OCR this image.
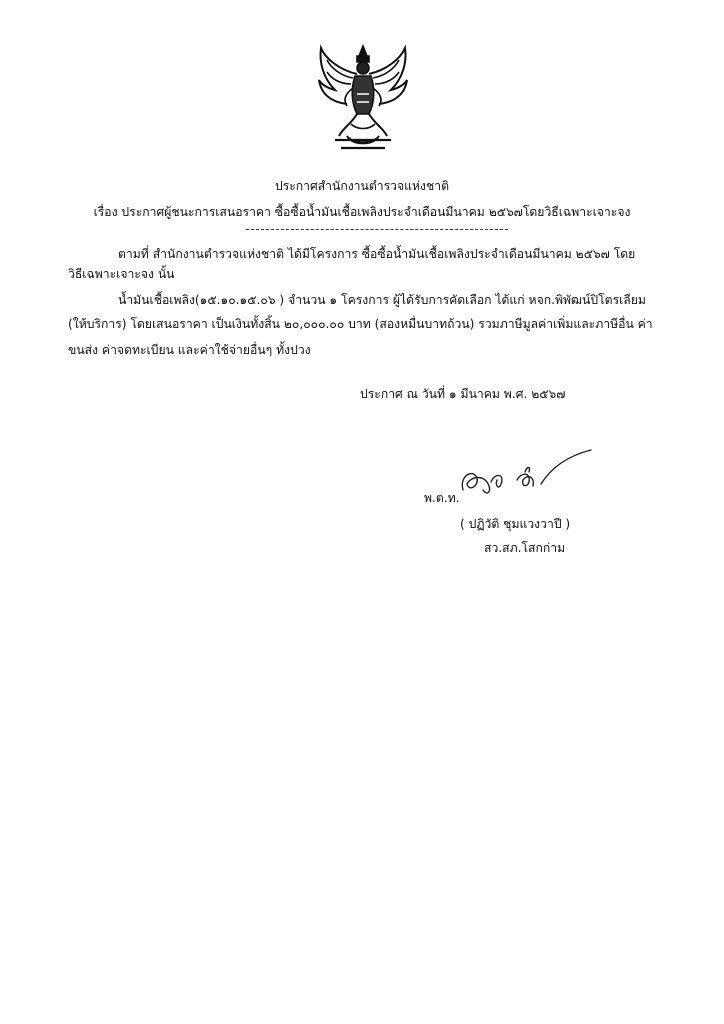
ประกาศสำนักงานตำรวจแห่งชาติ
เรื่อง ประกาศผู้ชนะการเสนอราคา ซื้อซื้อน้ำมันเชื้อเพลิงประจำเดือนมีนาคม ๒๕๖๗โดยวิธีเฉพาะเจาะจง
ตามที่ สำนักงานตำรวจแห่งชาติ ได้มีโครงการ ซื้อซื้อน้ำมันเชื้อเพลิงประจำเดือนมีนาคม ๒๕๖๗ โดย
วิธีเฉพาะเจาะจง นั้น
น้ำมันเชื้อเพลิง(๑๕.๑๐.๑๕.๐๖ ) จำนวน ๑ โครงการ ผู้ได้รับการคัดเลือก ได้แก่ หจก.พิพัฒน์ปิโตรเลียม
(ให้บริการ) โดยเสนอราคา เป็นเงินทั้งสิ้น ๒๐,๐๐๐.๐๐ บาท (สองหมื่นบาทถ้วน) รวมภาษีมูลค่าเพิ่มและภาษีอื่น ค่า
ขนส่ง ค่าจดทะเบียน และค่าใช้จ่ายอื่นๆ ทั้งปวง
ประกาศ ณ วันที่ ๑ มีนาคม พ.ศ. ๒๕๖๗
พ.ต.ท.
( ปฏิวัติ ชุมแวงวาปี )
สว.สภ.โสกก่าม
